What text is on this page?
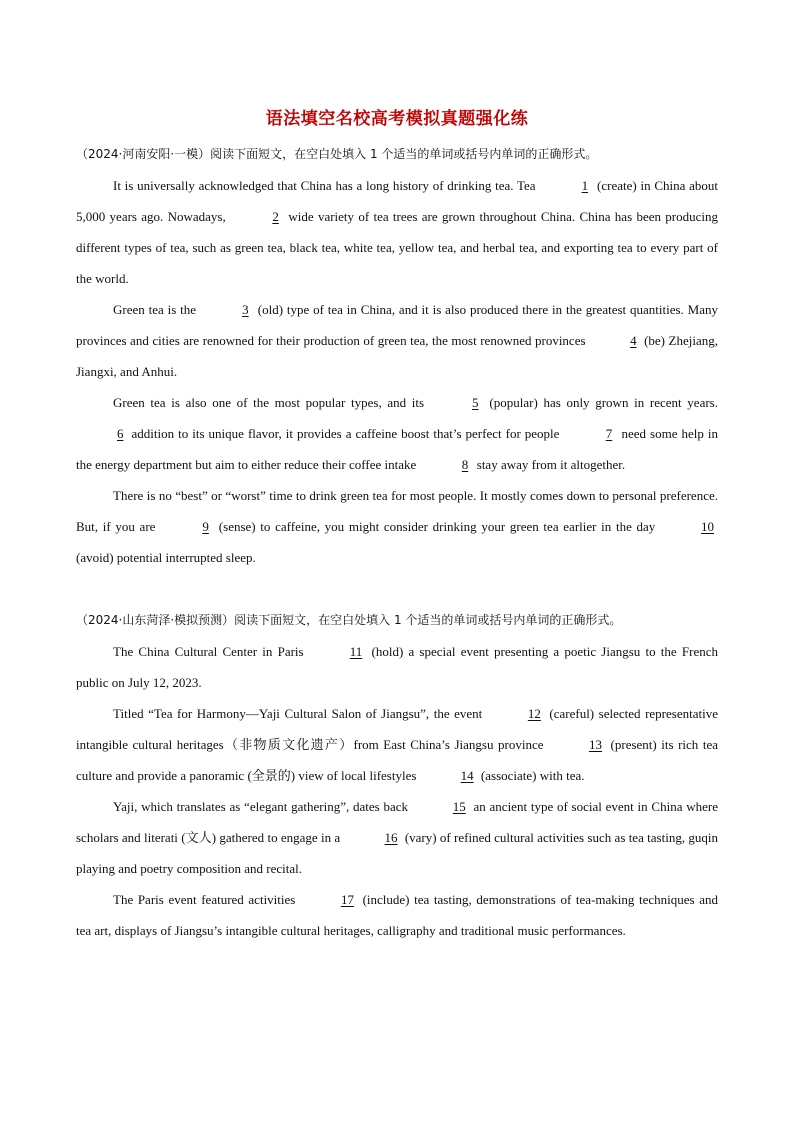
语法填空名校高考模拟真题强化练

（2024·河南安阳·一模）阅读下面短文，在空白处填入 1 个适当的单词或括号内单词的正确形式。

It is universally acknowledged that China has a long history of drinking tea. Tea	1 (create) in China about 5,000 years ago. Nowadays,	2 wide variety of tea trees are grown throughout China. China has been producing different types of tea, such as green tea, black tea, white tea, yellow tea, and herbal tea, and exporting tea to every part of the world.

Green tea is the	3 (old) type of tea in China, and it is also produced there in the greatest quantities. Many provinces and cities are renowned for their production of green tea, the most renowned provinces	4 (be) Zhejiang, Jiangxi, and Anhui.

Green tea is also one of the most popular types, and its	5 (popular) has only grown in recent years. 6 addition to its unique flavor, it provides a caffeine boost that’s perfect for people	7 need some help in the energy department but aim to either reduce their coffee intake	8 stay away from it altogether.

There is no “best” or “worst” time to drink green tea for most people. It mostly comes down to personal preference. But, if you are	9 (sense) to caffeine, you might consider drinking your green tea earlier in the day	10 (avoid) potential interrupted sleep.

（2024·山东菏泽·模拟预测）阅读下面短文，在空白处填入 1 个适当的单词或括号内单词的正确形式。

The China Cultural Center in Paris	11 (hold) a special event presenting a poetic Jiangsu to the French public on July 12, 2023.

Titled “Tea for Harmony—Yaji Cultural Salon of Jiangsu”, the event	12 (careful) selected representative intangible cultural heritages（非物质文化遗产）from East China’s Jiangsu province	13 (present) its rich tea culture and provide a panoramic (全景的) view of local lifestyles	14 (associate) with tea.

Yaji, which translates as “elegant gathering”, dates back	15 an ancient type of social event in China where scholars and literati (文人) gathered to engage in a	16 (vary) of refined cultural activities such as tea tasting, guqin playing and poetry composition and recital.

The Paris event featured activities	17 (include) tea tasting, demonstrations of tea-making techniques and tea art, displays of Jiangsu’s intangible cultural heritages, calligraphy and traditional music performances.
